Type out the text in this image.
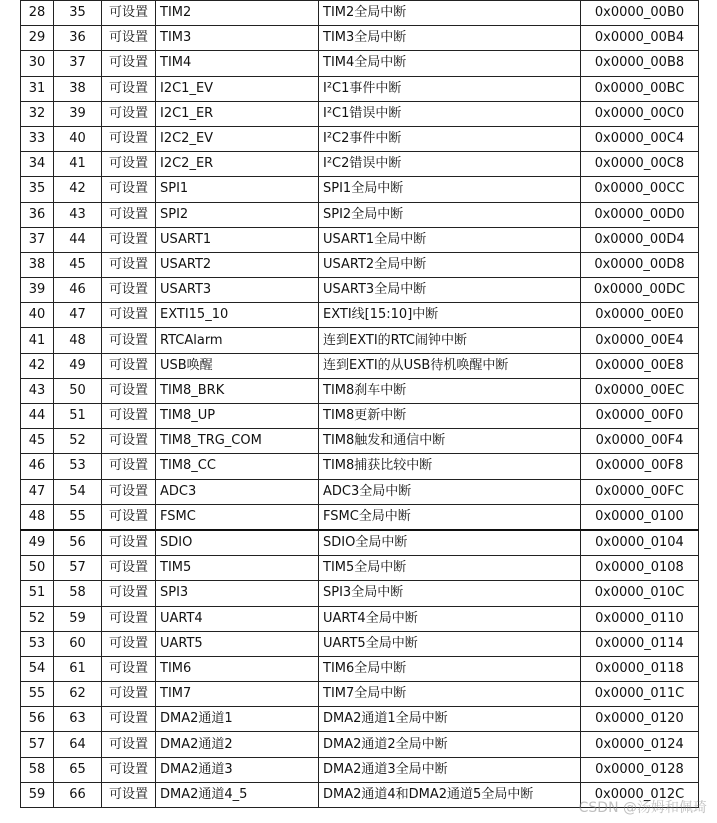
28	35	可设置	TIM2	TIM2全局中断	0x0000_00B0
29	36	可设置	TIM3	TIM3全局中断	0x0000_00B4
30	37	可设置	TIM4	TIM4全局中断	0x0000_00B8
31	38	可设置	I2C1_EV	I²C1事件中断	0x0000_00BC
32	39	可设置	I2C1_ER	I²C1错误中断	0x0000_00C0
33	40	可设置	I2C2_EV	I²C2事件中断	0x0000_00C4
34	41	可设置	I2C2_ER	I²C2错误中断	0x0000_00C8
35	42	可设置	SPI1	SPI1全局中断	0x0000_00CC
36	43	可设置	SPI2	SPI2全局中断	0x0000_00D0
37	44	可设置	USART1	USART1全局中断	0x0000_00D4
38	45	可设置	USART2	USART2全局中断	0x0000_00D8
39	46	可设置	USART3	USART3全局中断	0x0000_00DC
40	47	可设置	EXTI15_10	EXTI线[15:10]中断	0x0000_00E0
41	48	可设置	RTCAlarm	连到EXTI的RTC闹钟中断	0x0000_00E4
42	49	可设置	USB唤醒	连到EXTI的从USB待机唤醒中断	0x0000_00E8
43	50	可设置	TIM8_BRK	TIM8刹车中断	0x0000_00EC
44	51	可设置	TIM8_UP	TIM8更新中断	0x0000_00F0
45	52	可设置	TIM8_TRG_COM	TIM8触发和通信中断	0x0000_00F4
46	53	可设置	TIM8_CC	TIM8捕获比较中断	0x0000_00F8
47	54	可设置	ADC3	ADC3全局中断	0x0000_00FC
48	55	可设置	FSMC	FSMC全局中断	0x0000_0100
49	56	可设置	SDIO	SDIO全局中断	0x0000_0104
50	57	可设置	TIM5	TIM5全局中断	0x0000_0108
51	58	可设置	SPI3	SPI3全局中断	0x0000_010C
52	59	可设置	UART4	UART4全局中断	0x0000_0110
53	60	可设置	UART5	UART5全局中断	0x0000_0114
54	61	可设置	TIM6	TIM6全局中断	0x0000_0118
55	62	可设置	TIM7	TIM7全局中断	0x0000_011C
56	63	可设置	DMA2通道1	DMA2通道1全局中断	0x0000_0120
57	64	可设置	DMA2通道2	DMA2通道2全局中断	0x0000_0124
58	65	可设置	DMA2通道3	DMA2通道3全局中断	0x0000_0128
59	66	可设置	DMA2通道4_5	DMA2通道4和DMA2通道5全局中断	0x0000_012C
CSDN @汤姆和佩琦
